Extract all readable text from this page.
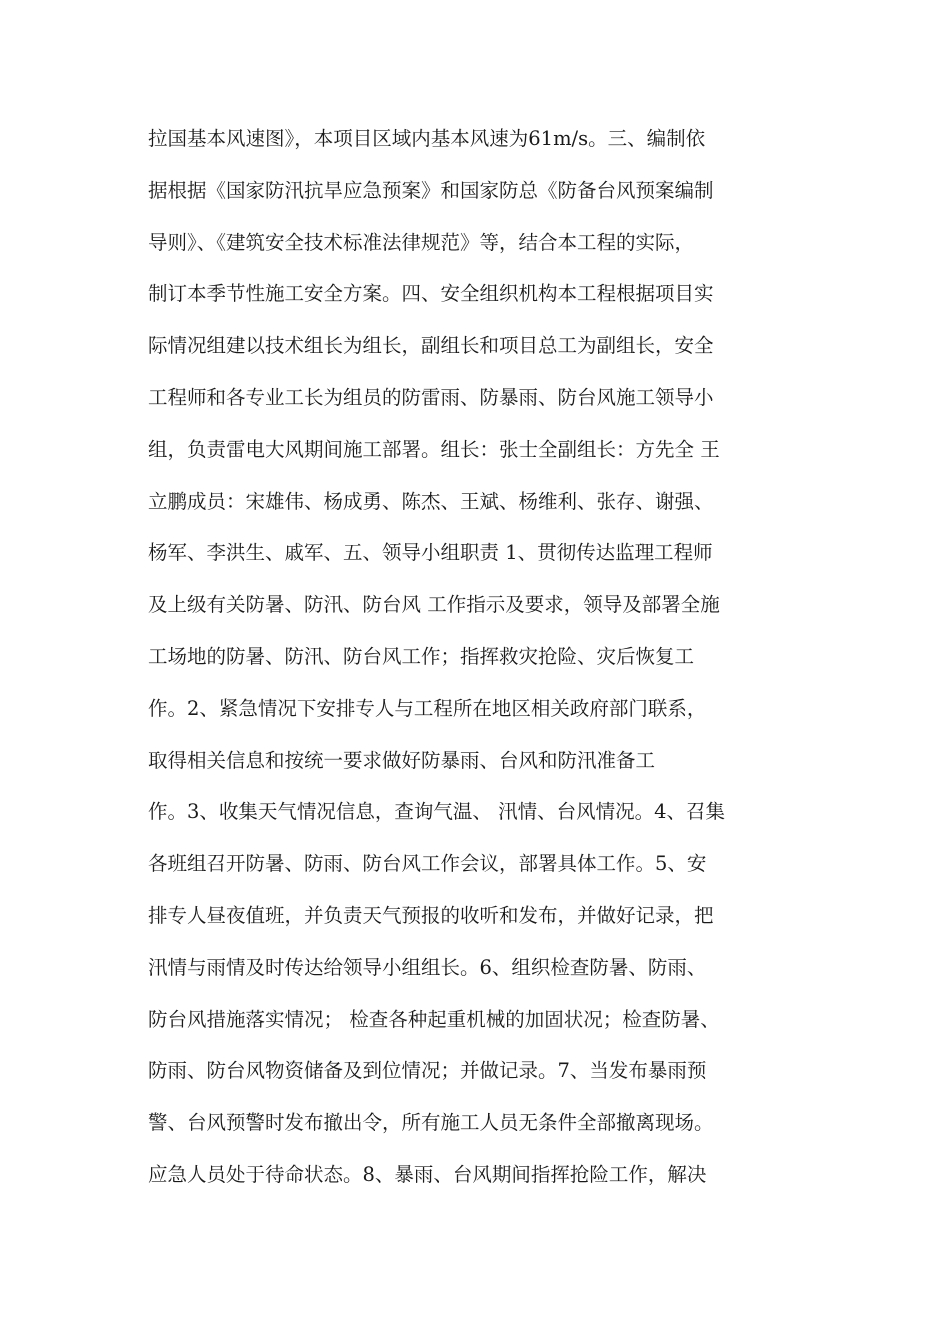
拉国基本风速图》，本项目区域内基本风速为61m/s。三、编制依
据根据《国家防汛抗旱应急预案》和国家防总《防备台风预案编制
导则》、《建筑安全技术标准法律规范》等，结合本工程的实际，
制订本季节性施工安全方案。四、安全组织机构本工程根据项目实
际情况组建以技术组长为组长，副组长和项目总工为副组长，安全
工程师和各专业工长为组员的防雷雨、防暴雨、防台风施工领导小
组，负责雷电大风期间施工部署。组长：张士全副组长：方先全 王
立鹏成员：宋雄伟、杨成勇、陈杰、王斌、杨维利、张存、谢强、
杨军、李洪生、戚军、五、领导小组职责 1、贯彻传达监理工程师
及上级有关防暑、防汛、防台风 工作指示及要求，领导及部署全施
工场地的防暑、防汛、防台风工作；指挥救灾抢险、灾后恢复工
作。2、紧急情况下安排专人与工程所在地区相关政府部门联系，
取得相关信息和按统一要求做好防暴雨、台风和防汛准备工
作。3、收集天气情况信息，查询气温、 汛情、台风情况。4、召集
各班组召开防暑、防雨、防台风工作会议，部署具体工作。5、安
排专人昼夜值班，并负责天气预报的收听和发布，并做好记录，把
汛情与雨情及时传达给领导小组组长。6、组织检查防暑、防雨、
防台风措施落实情况； 检查各种起重机械的加固状况；检查防暑、
防雨、防台风物资储备及到位情况；并做记录。7、当发布暴雨预
警、台风预警时发布撤出令，所有施工人员无条件全部撤离现场。
应急人员处于待命状态。8、暴雨、台风期间指挥抢险工作，解决
